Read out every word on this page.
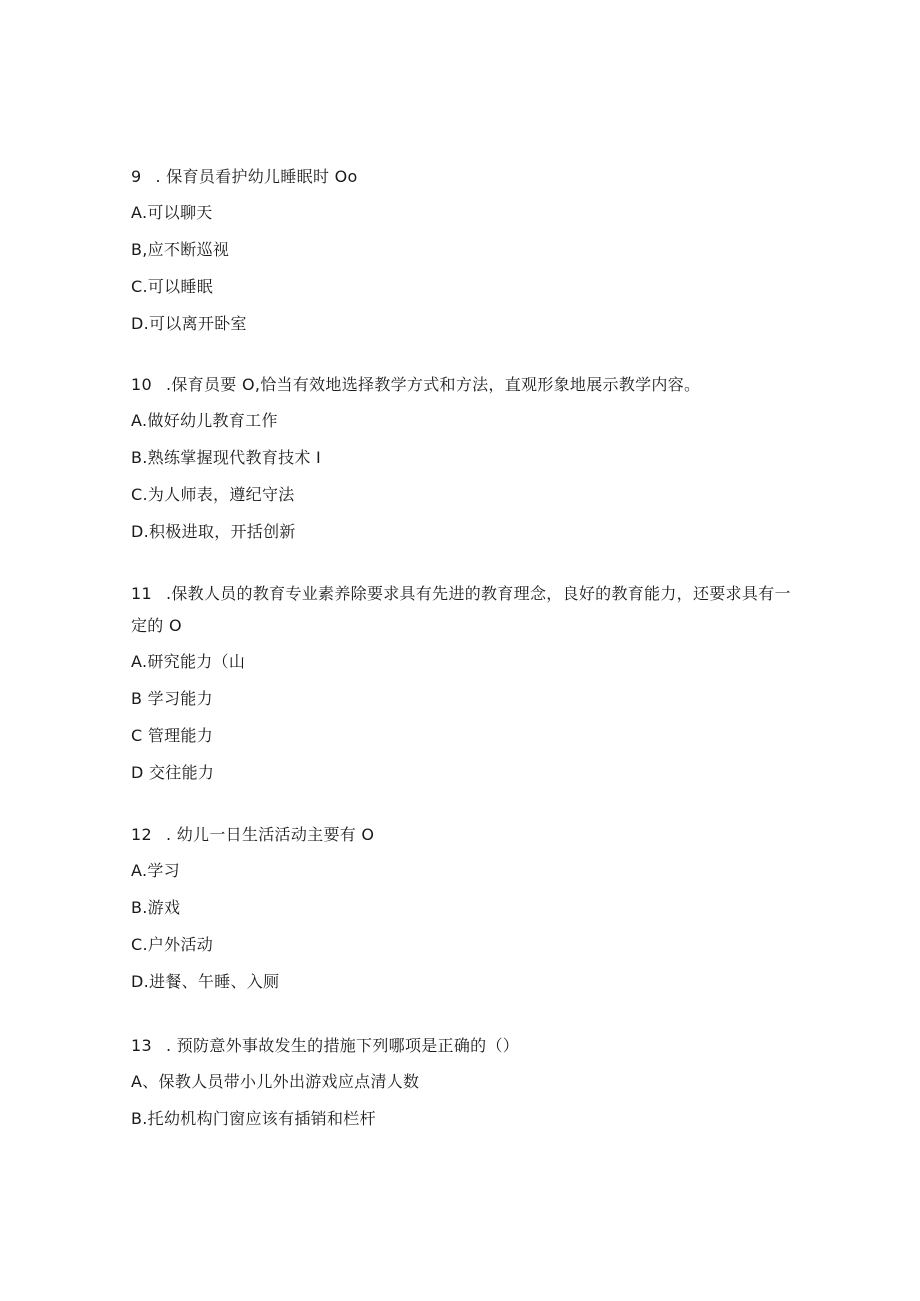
9 . 保育员看护幼儿睡眠时 Oo

A.可以聊天
B,应不断巡视
C.可以睡眠
D.可以离开卧室

10 .保育员要 O,恰当有效地选择教学方式和方法，直观形象地展示教学内容。

A.做好幼儿教育工作
B.熟练掌握现代教育技术 I
C.为人师表，遵纪守法
D.积极进取，开括创新

11 .保教人员的教育专业素养除要求具有先进的教育理念，良好的教育能力，还要求具有一定的 O

A.研究能力（山
B 学习能力
C 管理能力
D 交往能力

12 . 幼儿一日生活活动主要有 O

A.学习
B.游戏
C.户外活动
D.进餐、午睡、入厕

13 . 预防意外事故发生的措施下列哪项是正确的（）

A、保教人员带小儿外出游戏应点清人数
B.托幼机构门窗应该有插销和栏杆
